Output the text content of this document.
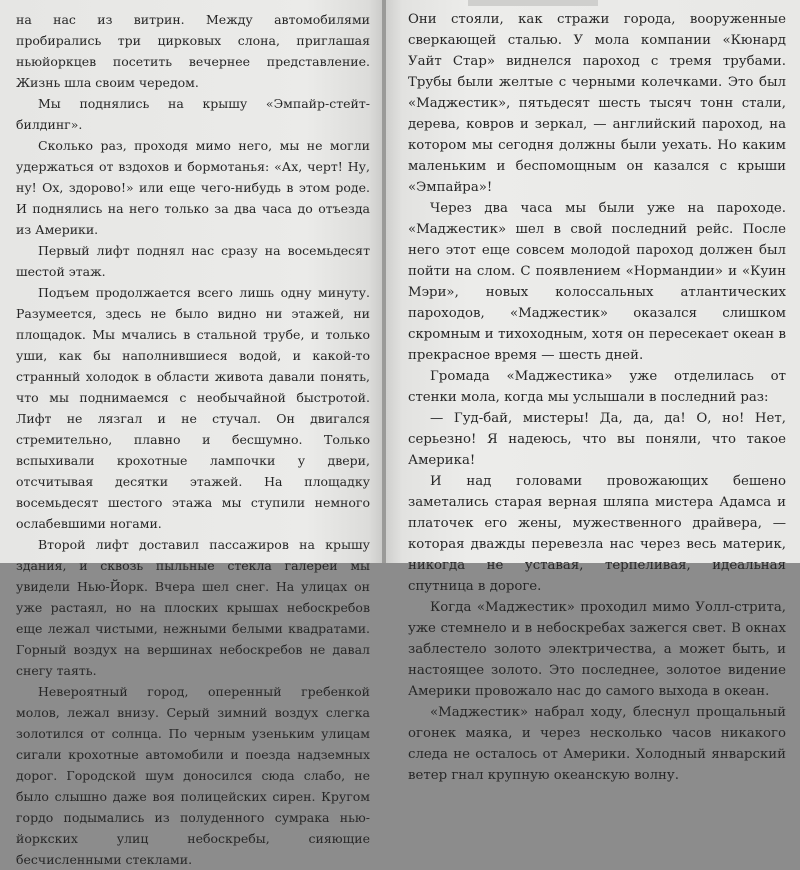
на нас из витрин. Между автомобилями пробирались три цирковых слона, приглашая ньюйоркцев посетить вечернее представление. Жизнь шла своим чередом.

Мы поднялись на крышу «Эмпайр-стейт-билдинг».

Сколько раз, проходя мимо него, мы не могли удержаться от вздохов и бормотанья: «Ах, черт! Ну, ну! Ох, здорово!» или еще чего-нибудь в этом роде. И поднялись на него только за два часа до отъезда из Америки.

Первый лифт поднял нас сразу на восемьдесят шестой этаж.

Подъем продолжается всего лишь одну минуту. Разумеется, здесь не было видно ни этажей, ни площадок. Мы мчались в стальной трубе, и только уши, как бы наполнившиеся водой, и какой-то странный холодок в области живота давали понять, что мы поднимаемся с необычайной быстротой. Лифт не лязгал и не стучал. Он двигался стремительно, плавно и бесшумно. Только вспыхивали крохотные лампочки у двери, отсчитывая десятки этажей. На площадку восемьдесят шестого этажа мы ступили немного ослабевшими ногами.

Второй лифт доставил пассажиров на крышу здания, и сквозь пыльные стекла галереи мы увидели Нью-Йорк. Вчера шел снег. На улицах он уже растаял, но на плоских крышах небоскребов еще лежал чистыми, нежными белыми квадратами. Горный воздух на вершинах небоскребов не давал снегу таять.

Невероятный город, оперенный гребенкой молов, лежал внизу. Серый зимний воздух слегка золотился от солнца. По черным узеньким улицам сигали крохотные автомобили и поезда надземных дорог. Городской шум доносился сюда слабо, не было слышно даже воя полицейских сирен. Кругом гордо подымались из полуденного сумрака нью-йоркских улиц небоскребы, сияющие бесчисленными стеклами.

Они стояли, как стражи города, вооруженные сверкающей сталью. У мола компании «Кюнард Уайт Стар» виднелся пароход с тремя трубами. Трубы были желтые с черными колечками. Это был «Маджестик», пятьдесят шесть тысяч тонн стали, дерева, ковров и зеркал, — английский пароход, на котором мы сегодня должны были уехать. Но каким маленьким и беспомощным он казался с крыши «Эмпайра»!

Через два часа мы были уже на пароходе. «Маджестик» шел в свой последний рейс. После него этот еще совсем молодой пароход должен был пойти на слом. С появлением «Нормандии» и «Куин Мэри», новых колоссальных атлантических пароходов, «Маджестик» оказался слишком скромным и тихоходным, хотя он пересекает океан в прекрасное время — шесть дней.

Громада «Маджестика» уже отделилась от стенки мола, когда мы услышали в последний раз:

— Гуд-бай, мистеры! Да, да, да! О, но! Нет, серьезно! Я надеюсь, что вы поняли, что такое Америка!

И над головами провожающих бешено заметались старая верная шляпа мистера Адамса и платочек его жены, мужественного драйвера, — которая дважды перевезла нас через весь материк, никогда не уставая, терпеливая, идеальная спутница в дороге.

Когда «Маджестик» проходил мимо Уолл-стрита, уже стемнело и в небоскребах зажегся свет. В окнах заблестело золото электричества, а может быть, и настоящее золото. Это последнее, золотое видение Америки провожало нас до самого выхода в океан.

«Маджестик» набрал ходу, блеснул прощальный огонек маяка, и через несколько часов никакого следа не осталось от Америки. Холодный январский ветер гнал крупную океанскую волну.
